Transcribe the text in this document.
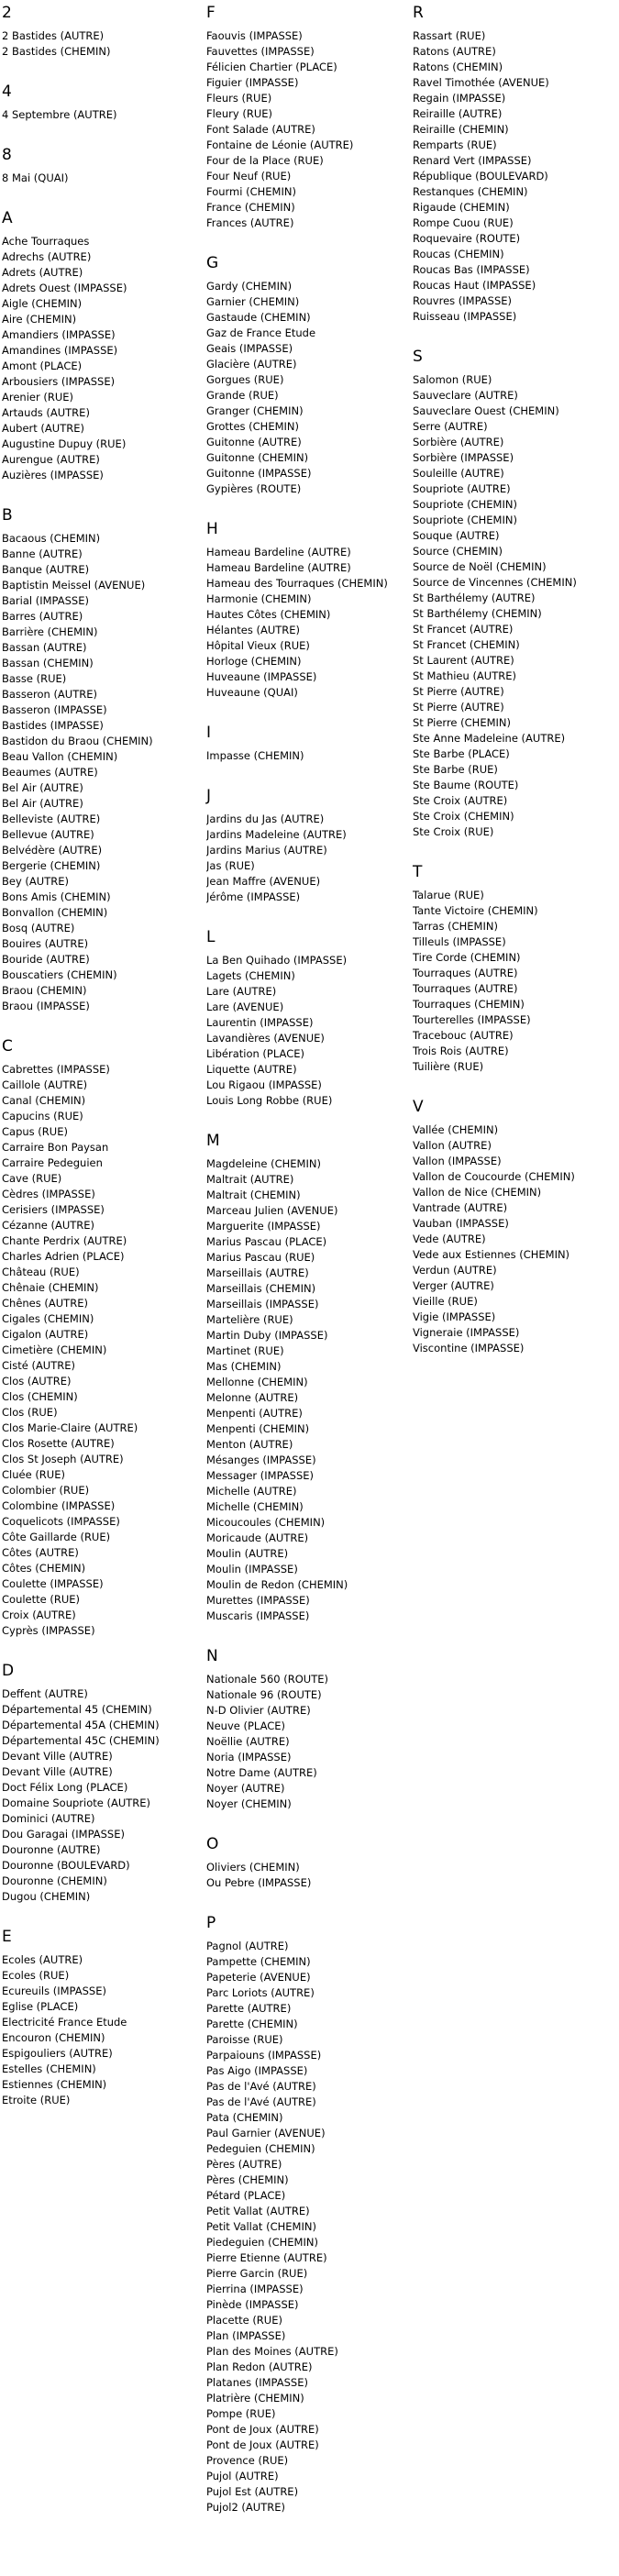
2
2 Bastides (AUTRE)
2 Bastides (CHEMIN)
4
4 Septembre (AUTRE)
8
8 Mai (QUAI)
A
Ache Tourraques
Adrechs (AUTRE)
Adrets (AUTRE)
Adrets Ouest (IMPASSE)
Aigle (CHEMIN)
Aire (CHEMIN)
Amandiers (IMPASSE)
Amandines (IMPASSE)
Amont (PLACE)
Arbousiers (IMPASSE)
Arenier (RUE)
Artauds (AUTRE)
Aubert (AUTRE)
Augustine Dupuy (RUE)
Aurengue (AUTRE)
Auzières (IMPASSE)
B
Bacaous (CHEMIN)
Banne (AUTRE)
Banque (AUTRE)
Baptistin Meissel (AVENUE)
Barial (IMPASSE)
Barres (AUTRE)
Barrière (CHEMIN)
Bassan (AUTRE)
Bassan (CHEMIN)
Basse (RUE)
Basseron (AUTRE)
Basseron (IMPASSE)
Bastides (IMPASSE)
Bastidon du Braou (CHEMIN)
Beau Vallon (CHEMIN)
Beaumes (AUTRE)
Bel Air (AUTRE)
Bel Air (AUTRE)
Belleviste (AUTRE)
Bellevue (AUTRE)
Belvédère (AUTRE)
Bergerie (CHEMIN)
Bey (AUTRE)
Bons Amis (CHEMIN)
Bonvallon (CHEMIN)
Bosq (AUTRE)
Bouires (AUTRE)
Bouride (AUTRE)
Bouscatiers (CHEMIN)
Braou (CHEMIN)
Braou (IMPASSE)
C
Cabrettes (IMPASSE)
Caillole (AUTRE)
Canal (CHEMIN)
Capucins (RUE)
Capus (RUE)
Carraire Bon Paysan
Carraire Pedeguien
Cave (RUE)
Cèdres (IMPASSE)
Cerisiers (IMPASSE)
Cézanne (AUTRE)
Chante Perdrix (AUTRE)
Charles Adrien (PLACE)
Château (RUE)
Chênaie (CHEMIN)
Chênes (AUTRE)
Cigales (CHEMIN)
Cigalon (AUTRE)
Cimetière (CHEMIN)
Cisté (AUTRE)
Clos (AUTRE)
Clos (CHEMIN)
Clos (RUE)
Clos Marie-Claire (AUTRE)
Clos Rosette (AUTRE)
Clos St Joseph (AUTRE)
Cluée (RUE)
Colombier (RUE)
Colombine (IMPASSE)
Coquelicots (IMPASSE)
Côte Gaillarde (RUE)
Côtes (AUTRE)
Côtes (CHEMIN)
Coulette (IMPASSE)
Coulette (RUE)
Croix (AUTRE)
Cyprès (IMPASSE)
D
Deffent (AUTRE)
Départemental 45 (CHEMIN)
Départemental 45A (CHEMIN)
Départemental 45C (CHEMIN)
Devant Ville (AUTRE)
Devant Ville (AUTRE)
Doct Félix Long (PLACE)
Domaine Soupriote (AUTRE)
Dominici (AUTRE)
Dou Garagai (IMPASSE)
Douronne (AUTRE)
Douronne (BOULEVARD)
Douronne (CHEMIN)
Dugou (CHEMIN)
E
Ecoles (AUTRE)
Ecoles (RUE)
Ecureuils (IMPASSE)
Eglise (PLACE)
Electricité France Etude
Encouron (CHEMIN)
Espigouliers (AUTRE)
Estelles (CHEMIN)
Estiennes (CHEMIN)
Etroite (RUE)
F
Faouvis (IMPASSE)
Fauvettes (IMPASSE)
Félicien Chartier (PLACE)
Figuier (IMPASSE)
Fleurs (RUE)
Fleury (RUE)
Font Salade (AUTRE)
Fontaine de Léonie (AUTRE)
Four de la Place (RUE)
Four Neuf (RUE)
Fourmi (CHEMIN)
France (CHEMIN)
Frances (AUTRE)
G
Gardy (CHEMIN)
Garnier (CHEMIN)
Gastaude (CHEMIN)
Gaz de France Etude
Geais (IMPASSE)
Glacière (AUTRE)
Gorgues (RUE)
Grande (RUE)
Granger (CHEMIN)
Grottes (CHEMIN)
Guitonne (AUTRE)
Guitonne (CHEMIN)
Guitonne (IMPASSE)
Gypières (ROUTE)
H
Hameau Bardeline (AUTRE)
Hameau Bardeline (AUTRE)
Hameau des Tourraques (CHEMIN)
Harmonie (CHEMIN)
Hautes Côtes (CHEMIN)
Hélantes (AUTRE)
Hôpital Vieux (RUE)
Horloge (CHEMIN)
Huveaune (IMPASSE)
Huveaune (QUAI)
I
Impasse (CHEMIN)
J
Jardins du Jas (AUTRE)
Jardins Madeleine (AUTRE)
Jardins Marius (AUTRE)
Jas (RUE)
Jean Maffre (AVENUE)
Jérôme (IMPASSE)
L
La Ben Quihado (IMPASSE)
Lagets (CHEMIN)
Lare (AUTRE)
Lare (AVENUE)
Laurentin (IMPASSE)
Lavandières (AVENUE)
Libération (PLACE)
Liquette (AUTRE)
Lou Rigaou (IMPASSE)
Louis Long Robbe (RUE)
M
Magdeleine (CHEMIN)
Maltrait (AUTRE)
Maltrait (CHEMIN)
Marceau Julien (AVENUE)
Marguerite (IMPASSE)
Marius Pascau (PLACE)
Marius Pascau (RUE)
Marseillais (AUTRE)
Marseillais (CHEMIN)
Marseillais (IMPASSE)
Martelière (RUE)
Martin Duby (IMPASSE)
Martinet (RUE)
Mas (CHEMIN)
Mellonne (CHEMIN)
Melonne (AUTRE)
Menpenti (AUTRE)
Menpenti (CHEMIN)
Menton (AUTRE)
Mésanges (IMPASSE)
Messager (IMPASSE)
Michelle (AUTRE)
Michelle (CHEMIN)
Micoucoules (CHEMIN)
Moricaude (AUTRE)
Moulin (AUTRE)
Moulin (IMPASSE)
Moulin de Redon (CHEMIN)
Murettes (IMPASSE)
Muscaris (IMPASSE)
N
Nationale 560 (ROUTE)
Nationale 96 (ROUTE)
N-D Olivier (AUTRE)
Neuve (PLACE)
Noëllie (AUTRE)
Noria (IMPASSE)
Notre Dame (AUTRE)
Noyer (AUTRE)
Noyer (CHEMIN)
O
Oliviers (CHEMIN)
Ou Pebre (IMPASSE)
P
Pagnol (AUTRE)
Pampette (CHEMIN)
Papeterie (AVENUE)
Parc Loriots (AUTRE)
Parette (AUTRE)
Parette (CHEMIN)
Paroisse (RUE)
Parpaiouns (IMPASSE)
Pas Aigo (IMPASSE)
Pas de l'Avé (AUTRE)
Pas de l'Avé (AUTRE)
Pata (CHEMIN)
Paul Garnier (AVENUE)
Pedeguien (CHEMIN)
Pères (AUTRE)
Pères (CHEMIN)
Pétard (PLACE)
Petit Vallat (AUTRE)
Petit Vallat (CHEMIN)
Piedeguien (CHEMIN)
Pierre Etienne (AUTRE)
Pierre Garcin (RUE)
Pierrina (IMPASSE)
Pinède (IMPASSE)
Placette (RUE)
Plan (IMPASSE)
Plan des Moines (AUTRE)
Plan Redon (AUTRE)
Platanes (IMPASSE)
Platrière (CHEMIN)
Pompe (RUE)
Pont de Joux (AUTRE)
Pont de Joux (AUTRE)
Provence (RUE)
Pujol (AUTRE)
Pujol Est (AUTRE)
Pujol2 (AUTRE)
R
Rassart (RUE)
Ratons (AUTRE)
Ratons (CHEMIN)
Ravel Timothée (AVENUE)
Regain (IMPASSE)
Reiraille (AUTRE)
Reiraille (CHEMIN)
Remparts (RUE)
Renard Vert (IMPASSE)
République (BOULEVARD)
Restanques (CHEMIN)
Rigaude (CHEMIN)
Rompe Cuou (RUE)
Roquevaire (ROUTE)
Roucas (CHEMIN)
Roucas Bas (IMPASSE)
Roucas Haut (IMPASSE)
Rouvres (IMPASSE)
Ruisseau (IMPASSE)
S
Salomon (RUE)
Sauveclare (AUTRE)
Sauveclare Ouest (CHEMIN)
Serre (AUTRE)
Sorbière (AUTRE)
Sorbière (IMPASSE)
Souleille (AUTRE)
Soupriote (AUTRE)
Soupriote (CHEMIN)
Soupriote (CHEMIN)
Souque (AUTRE)
Source (CHEMIN)
Source de Noël (CHEMIN)
Source de Vincennes (CHEMIN)
St Barthélemy (AUTRE)
St Barthélemy (CHEMIN)
St Francet (AUTRE)
St Francet (CHEMIN)
St Laurent (AUTRE)
St Mathieu (AUTRE)
St Pierre (AUTRE)
St Pierre (AUTRE)
St Pierre (CHEMIN)
Ste Anne Madeleine (AUTRE)
Ste Barbe (PLACE)
Ste Barbe (RUE)
Ste Baume (ROUTE)
Ste Croix (AUTRE)
Ste Croix (CHEMIN)
Ste Croix (RUE)
T
Talarue (RUE)
Tante Victoire (CHEMIN)
Tarras (CHEMIN)
Tilleuls (IMPASSE)
Tire Corde (CHEMIN)
Tourraques (AUTRE)
Tourraques (AUTRE)
Tourraques (CHEMIN)
Tourterelles (IMPASSE)
Tracebouc (AUTRE)
Trois Rois (AUTRE)
Tuilière (RUE)
V
Vallée (CHEMIN)
Vallon (AUTRE)
Vallon (IMPASSE)
Vallon de Coucourde (CHEMIN)
Vallon de Nice (CHEMIN)
Vantrade (AUTRE)
Vauban (IMPASSE)
Vede (AUTRE)
Vede aux Estiennes (CHEMIN)
Verdun (AUTRE)
Verger (AUTRE)
Vieille (RUE)
Vigie (IMPASSE)
Vigneraie (IMPASSE)
Viscontine (IMPASSE)
